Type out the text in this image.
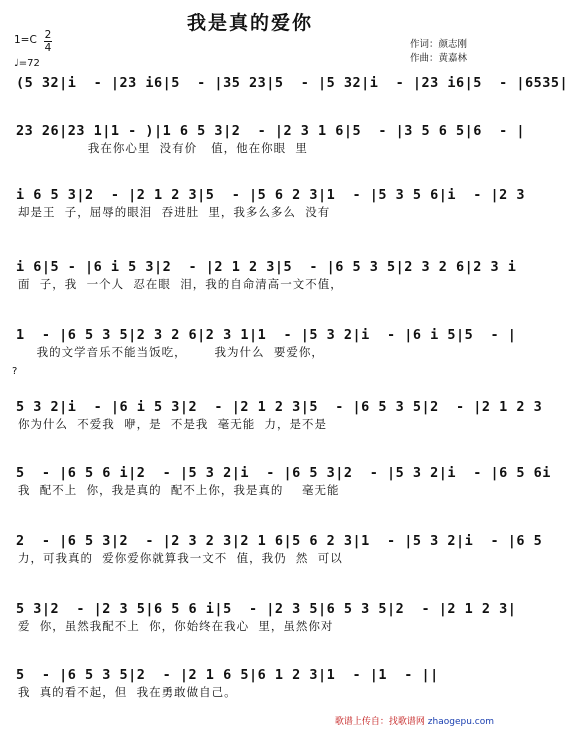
我是真的爱你
1=C 2
4
♩=72
作词：颜志刚
作曲：黄嘉林
(5 32|i  - |23 i6|5  - |35 23|5  - |5 32|i  - |23 i6|5  - |6535|
23 26|23 1|1 - )|1 6 5 3|2  - |2 3 1 6|5  - |3 5 6 5|6  - |
我在你心里  没有价   值，他在你眼  里
i 6 5 3|2  - |2 1 2 3|5  - |5 6 2 3|1  - |5 3 5 6|i  - |2 3
却是王  子，屈辱的眼泪  吞进肚  里，我多么多么  没有
i 6|5 - |6 i 5 3|2  - |2 1 2 3|5  - |6 5 3 5|2 3 2 6|2 3 i
面  子，我  一个人  忍在眼  泪，我的自命清高一文不值，
1  - |6 5 3 5|2 3 2 6|2 3 1|1  - |5 3 2|i  - |6 i 5|5  - |
我的文学音乐不能当饭吃，      我为什么  要爱你，
?
5 3 2|i  - |6 i 5 3|2  - |2 1 2 3|5  - |6 5 3 5|2  - |2 1 2 3
你为什么  不爱我  咿，是  不是我  毫无能  力，是不是
5  - |6 5 6 i|2  - |5 3 2|i  - |6 5 3|2  - |5 3 2|i  - |6 5 6i
我  配不上  你，我是真的  配不上你，我是真的    毫无能
2  - |6 5 3|2  - |2 3 2 3|2 1 6|5 6 2 3|1  - |5 3 2|i  - |6 5
力，可我真的  爱你爱你就算我一文不  值，我仍  然  可以
5 3|2  - |2 3 5|6 5 6 i|5  - |2 3 5|6 5 3 5|2  - |2 1 2 3|
爱  你，虽然我配不上  你，你始终在我心  里，虽然你对
5  - |6 5 3 5|2  - |2 1 6 5|6 1 2 3|1  - |1  - ||
我  真的看不起，但  我在勇敢做自己。
歌谱上传自：找歌谱网 zhaogepu.com
